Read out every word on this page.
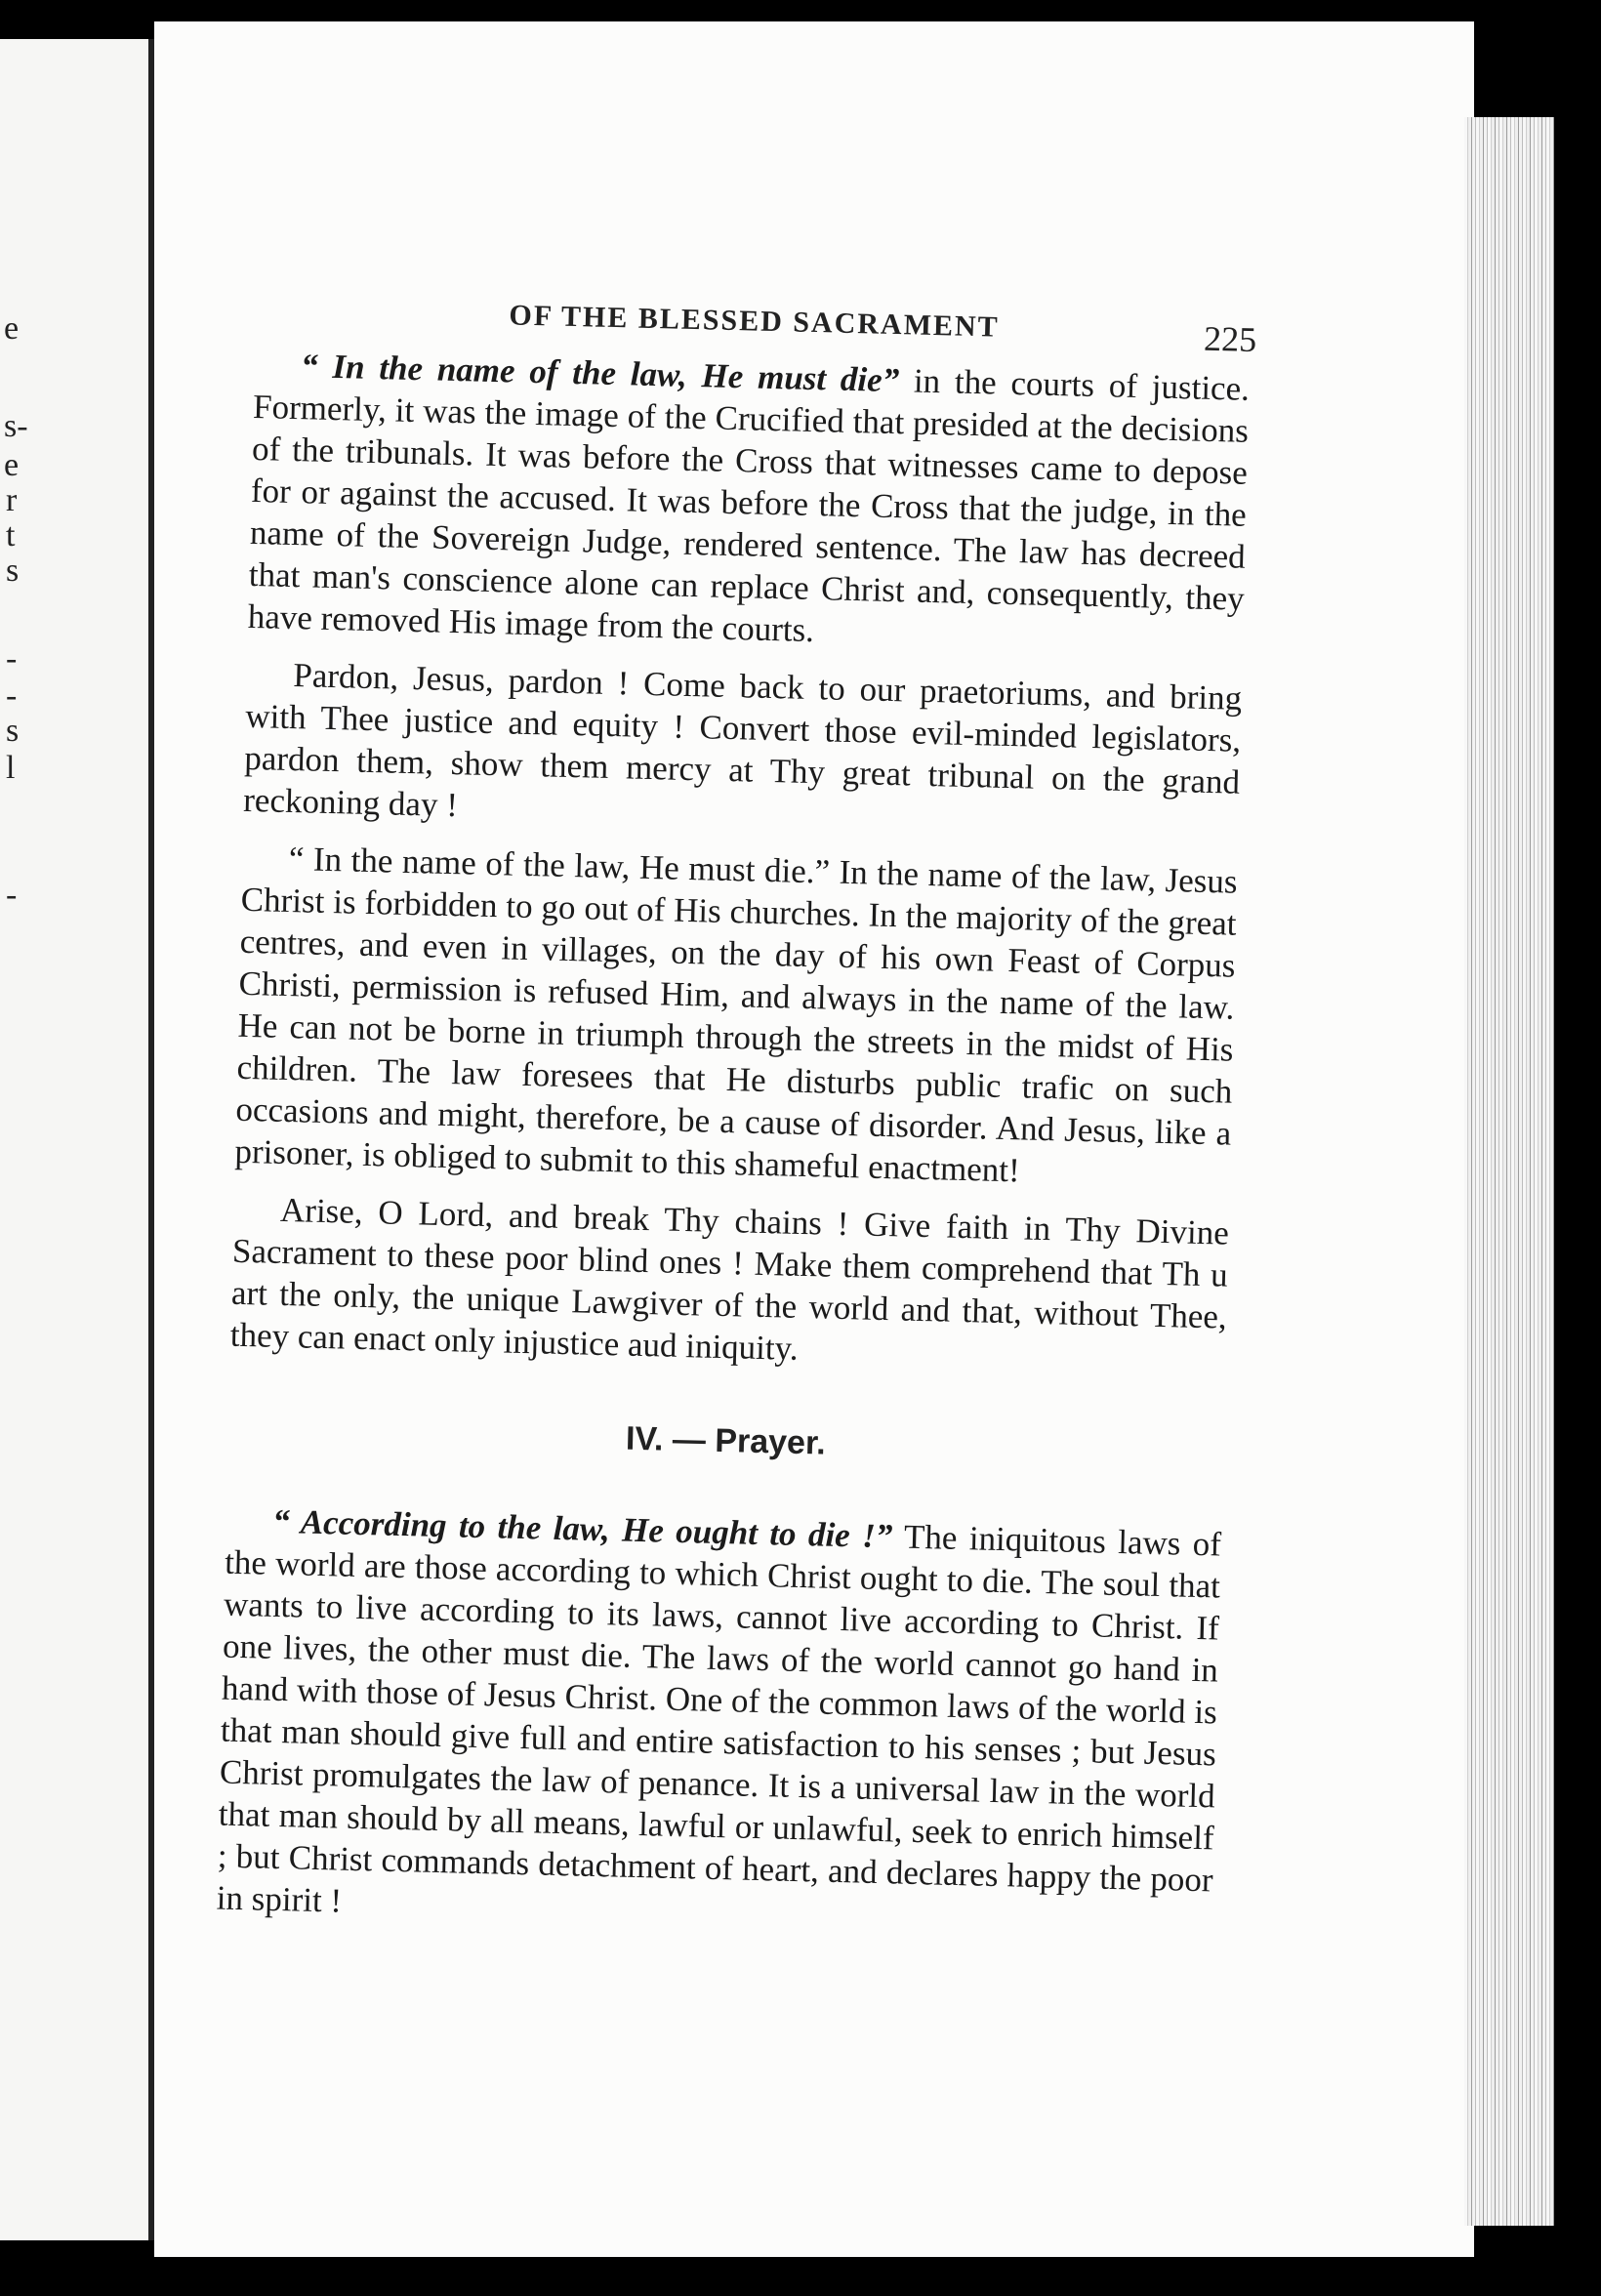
e
s-
e
r
t
s
-
-
s
l
-
OF THE BLESSED SACRAMENT	225

“ In the name of the law, He must die” in the courts of justice. Formerly, it was the image of the Crucified that presided at the decisions of the tribunals. It was before the Cross that witnesses came to depose for or against the accused. It was before the Cross that the judge, in the name of the Sovereign Judge, rendered sentence. The law has decreed that man's conscience alone can replace Christ and, consequently, they have removed His image from the courts.

Pardon, Jesus, pardon ! Come back to our praetoriums, and bring with Thee justice and equity ! Convert those evil-minded legislators, pardon them, show them mercy at Thy great tribunal on the grand reckoning day !

“ In the name of the law, He must die.” In the name of the law, Jesus Christ is forbidden to go out of His churches. In the majority of the great centres, and even in villages, on the day of his own Feast of Corpus Christi, permission is refused Him, and always in the name of the law. He can not be borne in triumph through the streets in the midst of His children. The law foresees that He disturbs public trafic on such occasions and might, therefore, be a cause of disorder. And Jesus, like a prisoner, is obliged to submit to this shameful enactment!

Arise, O Lord, and break Thy chains ! Give faith in Thy Divine Sacrament to these poor blind ones ! Make them comprehend that Th u art the only, the unique Lawgiver of the world and that, without Thee, they can enact only injustice aud iniquity.

IV. — Prayer.

“ According to the law, He ought to die !” The iniquitous laws of the world are those according to which Christ ought to die. The soul that wants to live according to its laws, cannot live according to Christ. If one lives, the other must die. The laws of the world cannot go hand in hand with those of Jesus Christ. One of the common laws of the world is that man should give full and entire satisfaction to his senses ; but Jesus Christ promulgates the law of penance. It is a universal law in the world that man should by all means, lawful or unlawful, seek to enrich himself ; but Christ commands detachment of heart, and declares happy the poor in spirit !
